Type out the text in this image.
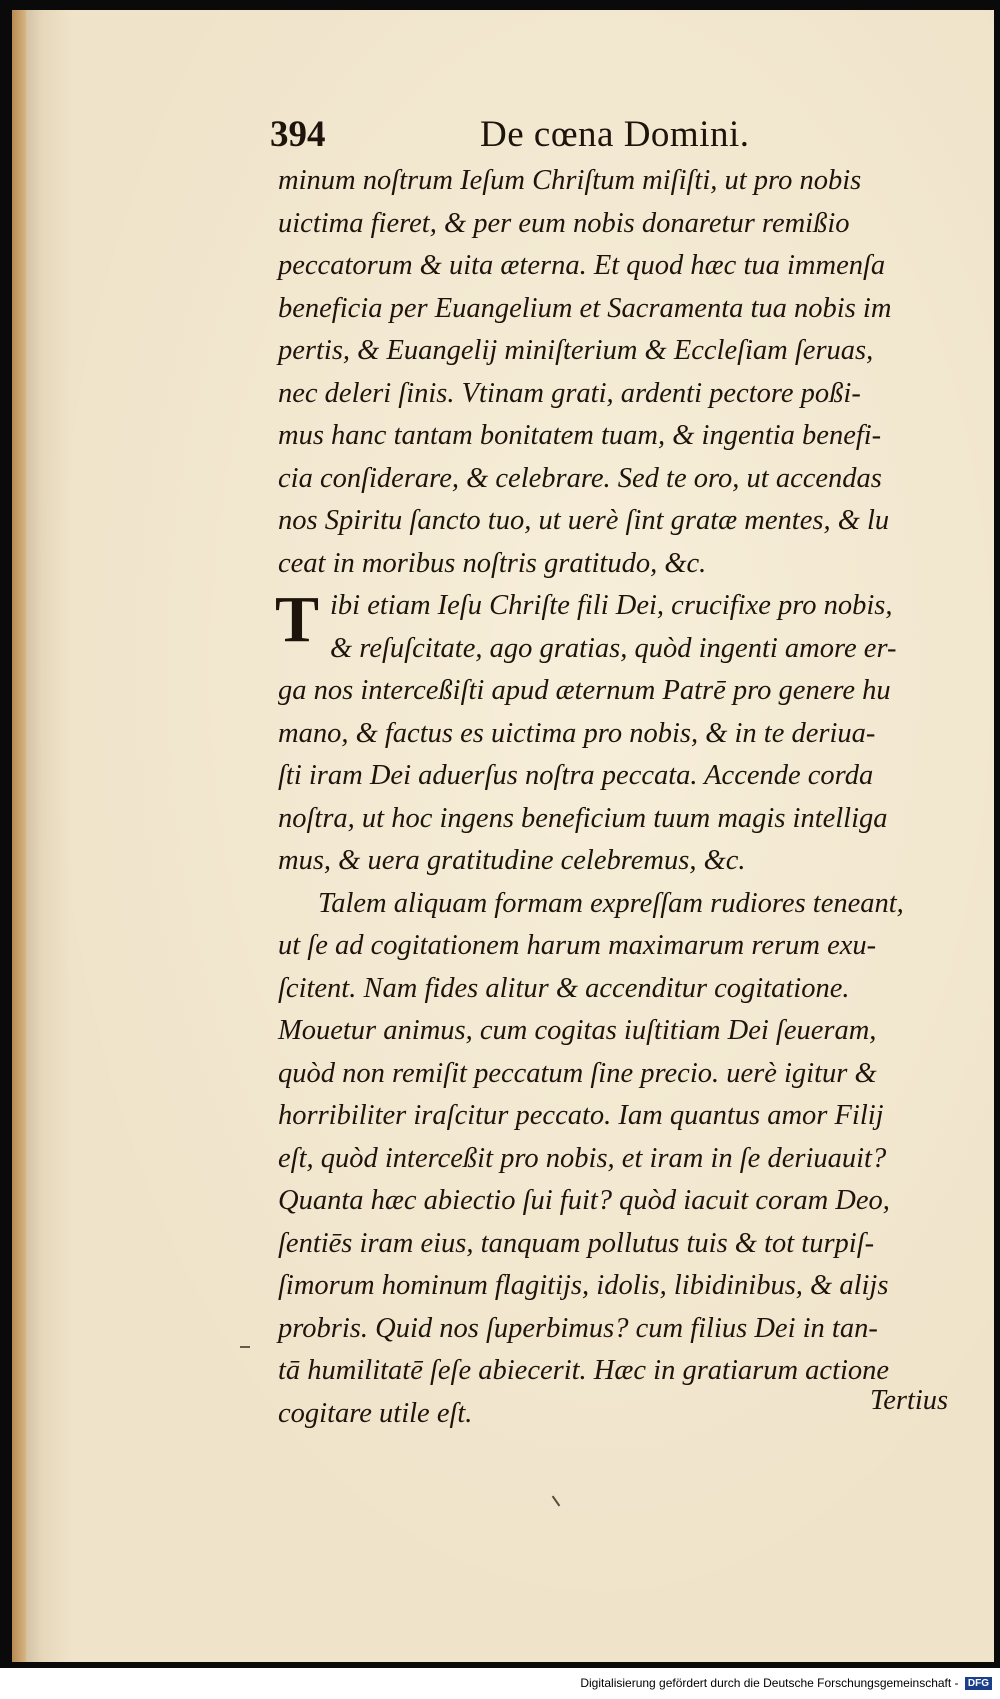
394	De cœna Domini.
minum noſtrum Ieſum Chriſtum miſiſti, ut pro nobis
uictima fieret, & per eum nobis donaretur remißio
peccatorum & uita æterna. Et quod hæc tua immenſa
beneficia per Euangelium et Sacramenta tua nobis im
pertis, & Euangelij miniſterium & Eccleſiam ſeruas,
nec deleri ſinis. Vtinam grati, ardenti pectore poßi-
mus hanc tantam bonitatem tuam, & ingentia benefi-
cia conſiderare, & celebrare. Sed te oro, ut accendas
nos Spiritu ſancto tuo, ut uerè ſint gratæ mentes, & lu
ceat in moribus noſtris gratitudo, &c.
T ibi etiam Ieſu Chriſte fili Dei, crucifixe pro nobis,
& reſuſcitate, ago gratias, quòd ingenti amore er-
ga nos interceßiſti apud æternum Patrē pro genere hu
mano, & factus es uictima pro nobis, & in te deriua-
ſti iram Dei aduerſus noſtra peccata. Accende corda
noſtra, ut hoc ingens beneficium tuum magis intelliga
mus, & uera gratitudine celebremus, &c.
Talem aliquam formam expreſſam rudiores teneant,
ut ſe ad cogitationem harum maximarum rerum exu-
ſcitent. Nam fides alitur & accenditur cogitatione.
Mouetur animus, cum cogitas iuſtitiam Dei ſeueram,
quòd non remiſit peccatum ſine precio. uerè igitur &
horribiliter iraſcitur peccato. Iam quantus amor Filij
eſt, quòd interceßit pro nobis, et iram in ſe deriuauit?
Quanta hæc abiectio ſui fuit? quòd iacuit coram Deo,
ſentiēs iram eius, tanquam pollutus tuis & tot turpiſ-
ſimorum hominum flagitijs, idolis, libidinibus, & alijs
probris. Quid nos ſuperbimus? cum filius Dei in tan-
tā humilitatē ſeſe abiecerit. Hæc in gratiarum actione
cogitare utile eſt.	Tertius
Digitalisierung gefördert durch die Deutsche Forschungsgemeinschaft - DFG
